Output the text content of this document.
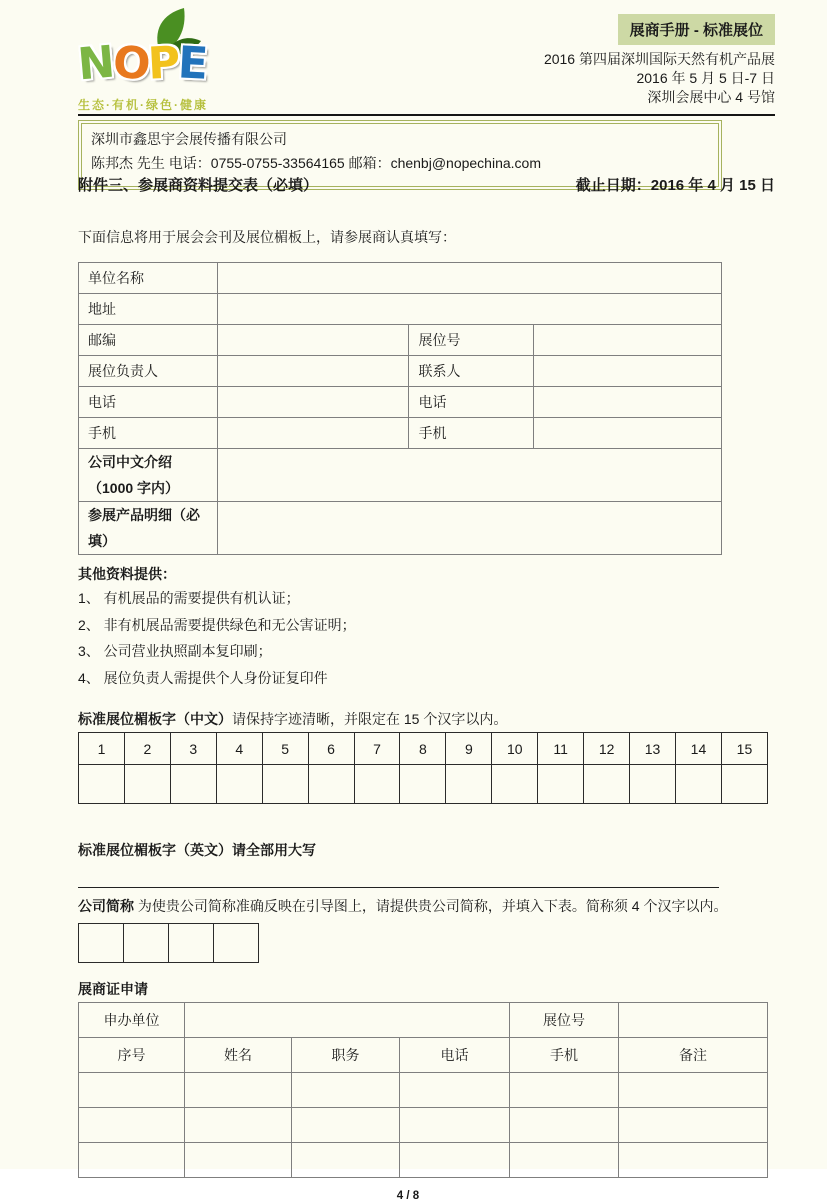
NOPE
生态·有机·绿色·健康
展商手册 - 标准展位
2016 第四届深圳国际天然有机产品展
2016 年 5 月 5 日-7 日
深圳会展中心 4 号馆
深圳市鑫思宇会展传播有限公司
陈邦杰 先生 电话：0755-0755-33564165 邮箱：chenbj@nopechina.com
附件三、参展商资料提交表（必填）	截止日期：2016 年 4 月 15 日

下面信息将用于展会会刊及展位楣板上，请参展商认真填写：

单位名称			
地址			
邮编		展位号	
展位负责人		联系人	
电话		电话	
手机		手机	

公司中文介绍
（1000 字内）			

参展产品明细（必
填）			

其他资料提供：
1、 有机展品的需要提供有机认证；
2、 非有机展品需要提供绿色和无公害证明；
3、 公司营业执照副本复印刷；
4、 展位负责人需提供个人身份证复印件
标准展位楣板字（中文）请保持字迹清晰，并限定在 15 个汉字以内。
1	2	3	4	5	6	7	8	9	10	11	12	13	14	15

标准展位楣板字（英文）请全部用大写

公司简称 为使贵公司简称准确反映在引导图上，请提供贵公司简称，并填入下表。简称须 4 个汉字以内。

展商证申请
申办单位				展位号	
序号	姓名	职务	电话	手机	备注

4 / 8
